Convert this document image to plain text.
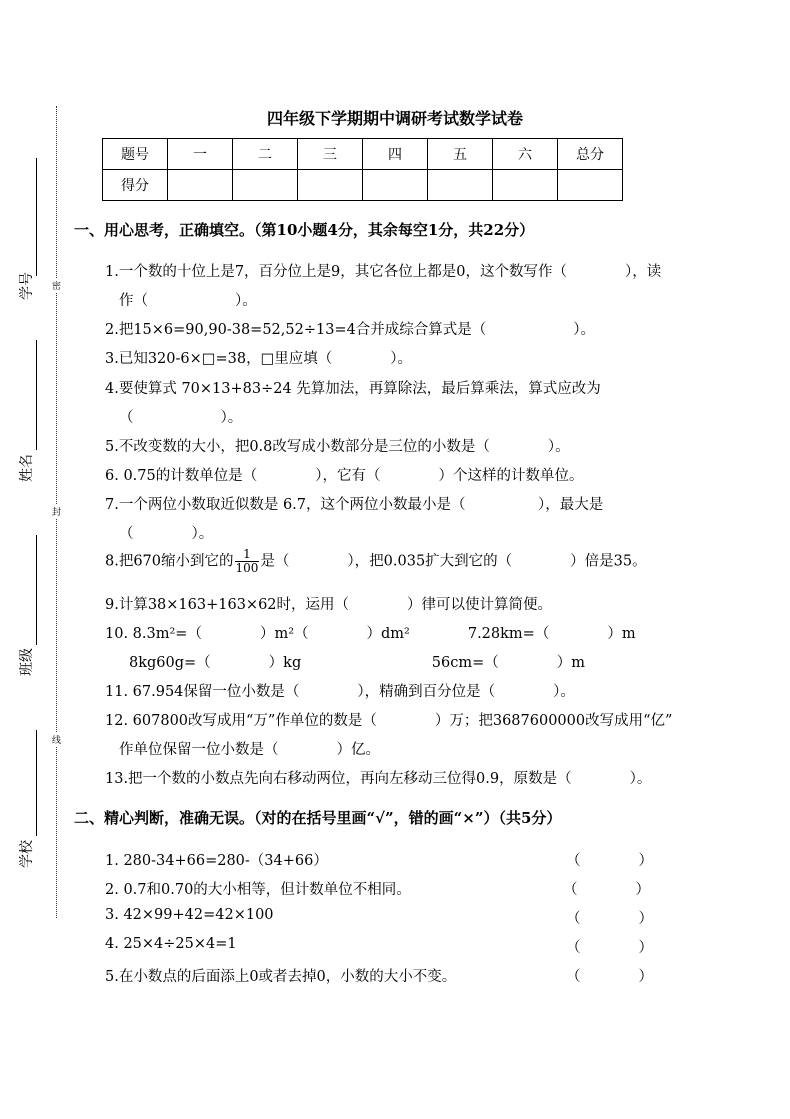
密
封
线
学号
姓名
班级
学校
四年级下学期期中调研考试数学试卷
题号	一	二	三	四	五	六	总分
得分							
一、用心思考，正确填空。（第10小题4分，其余每空1分，共22分）
1.一个数的十位上是7，百分位上是9，其它各位上都是0，这个数写作（　　　　），读
作（　　　　　　）。
2.把15×6=90,90-38=52,52÷13=4合并成综合算式是（　　　　　　）。
3.已知320-6×□=38，□里应填（　　　　）。
4.要使算式 70×13+83÷24 先算加法，再算除法，最后算乘法，算式应改为
（　　　　　　）。
5.不改变数的大小，把0.8改写成小数部分是三位的小数是（　　　　）。
6. 0.75的计数单位是（　　　　），它有（　　　　）个这样的计数单位。
7.一个两位小数取近似数是 6.7，这个两位小数最小是（　　　　　），最大是
（　　　　）。
8.把670缩小到它的 $\frac{1}{100}$ 是（　　　　），把0.035扩大到它的（　　　　）倍是35。
9.计算38×163+163×62时，运用（　　　　）律可以使计算简便。
10. 8.3m²=（　　　　）m²（　　　　）dm²　　　　7.28km=（　　　　）m
8kg60g=（　　　　）kg　　　　　　　　　56cm=（　　　　）m
11. 67.954保留一位小数是（　　　　），精确到百分位是（　　　　）。
12. 607800改写成用“万”作单位的数是（　　　　）万；把3687600000改写成用“亿”
作单位保留一位小数是（　　　　）亿。
13.把一个数的小数点先向右移动两位，再向左移动三位得0.9，原数是（　　　　）。
二、精心判断，准确无误。（对的在括号里画“√”，错的画“×”）（共5分）
1. 280-34+66=280-（34+66）	（　　　　）
2. 0.7和0.70的大小相等，但计数单位不相同。	（　　　　）
3. 42×99+42=42×100	（　　　　）
4. 25×4÷25×4=1	（　　　　）
5.在小数点的后面添上0或者去掉0，小数的大小不变。	（　　　　）
